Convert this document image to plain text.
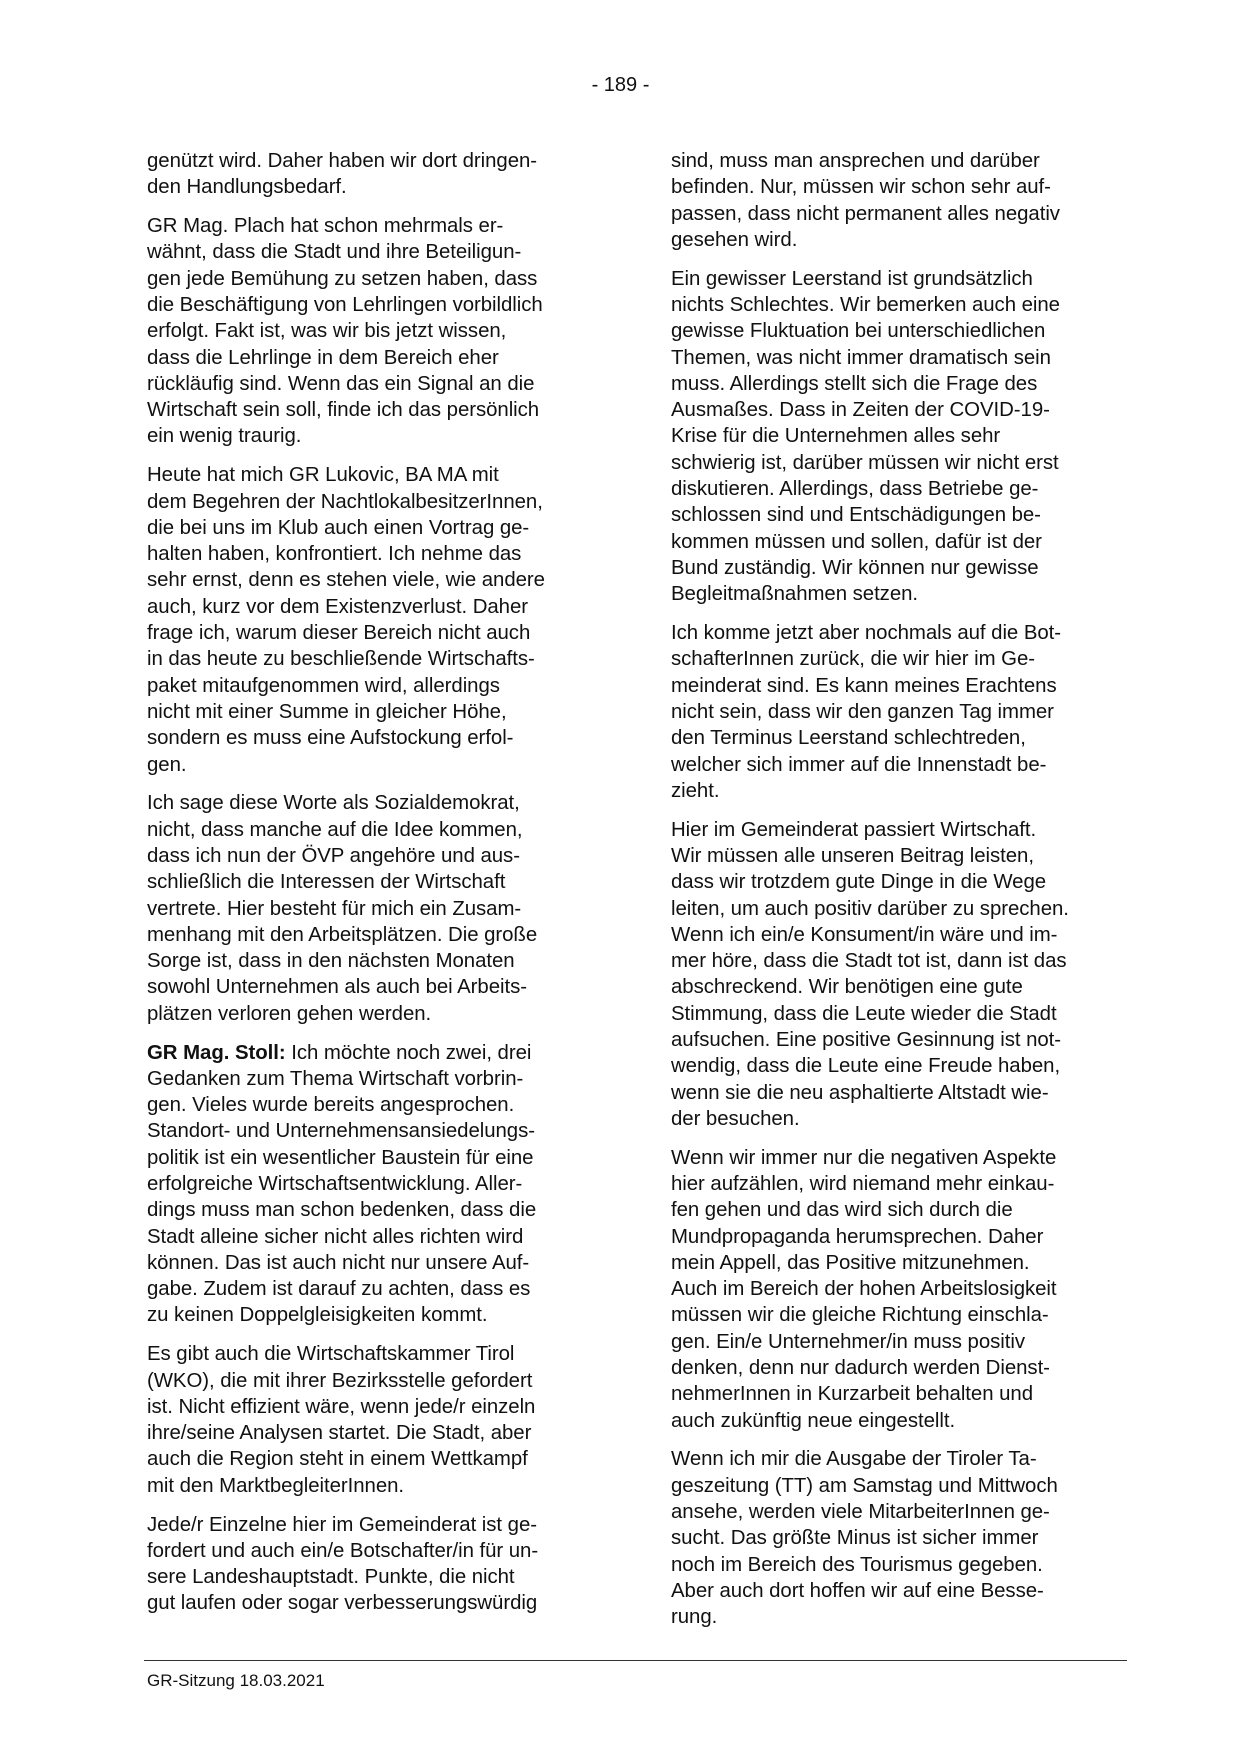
- 189 -

genützt wird. Daher haben wir dort dringen-
den Handlungsbedarf.

GR Mag. Plach hat schon mehrmals er-
wähnt, dass die Stadt und ihre Beteiligun-
gen jede Bemühung zu setzen haben, dass
die Beschäftigung von Lehrlingen vorbildlich
erfolgt. Fakt ist, was wir bis jetzt wissen,
dass die Lehrlinge in dem Bereich eher
rückläufig sind. Wenn das ein Signal an die
Wirtschaft sein soll, finde ich das persönlich
ein wenig traurig.

Heute hat mich GR Lukovic, BA MA mit
dem Begehren der NachtlokalbesitzerInnen,
die bei uns im Klub auch einen Vortrag ge-
halten haben, konfrontiert. Ich nehme das
sehr ernst, denn es stehen viele, wie andere
auch, kurz vor dem Existenzverlust. Daher
frage ich, warum dieser Bereich nicht auch
in das heute zu beschließende Wirtschafts-
paket mitaufgenommen wird, allerdings
nicht mit einer Summe in gleicher Höhe,
sondern es muss eine Aufstockung erfol-
gen.

Ich sage diese Worte als Sozialdemokrat,
nicht, dass manche auf die Idee kommen,
dass ich nun der ÖVP angehöre und aus-
schließlich die Interessen der Wirtschaft
vertrete. Hier besteht für mich ein Zusam-
menhang mit den Arbeitsplätzen. Die große
Sorge ist, dass in den nächsten Monaten
sowohl Unternehmen als auch bei Arbeits-
plätzen verloren gehen werden.

GR Mag. Stoll: Ich möchte noch zwei, drei
Gedanken zum Thema Wirtschaft vorbrin-
gen. Vieles wurde bereits angesprochen.
Standort- und Unternehmensansiedelungs-
politik ist ein wesentlicher Baustein für eine
erfolgreiche Wirtschaftsentwicklung. Aller-
dings muss man schon bedenken, dass die
Stadt alleine sicher nicht alles richten wird
können. Das ist auch nicht nur unsere Auf-
gabe. Zudem ist darauf zu achten, dass es
zu keinen Doppelgleisigkeiten kommt.

Es gibt auch die Wirtschaftskammer Tirol
(WKO), die mit ihrer Bezirksstelle gefordert
ist. Nicht effizient wäre, wenn jede/r einzeln
ihre/seine Analysen startet. Die Stadt, aber
auch die Region steht in einem Wettkampf
mit den MarktbegleiterInnen.

Jede/r Einzelne hier im Gemeinderat ist ge-
fordert und auch ein/e Botschafter/in für un-
sere Landeshauptstadt. Punkte, die nicht
gut laufen oder sogar verbesserungswürdig

sind, muss man ansprechen und darüber
befinden. Nur, müssen wir schon sehr auf-
passen, dass nicht permanent alles negativ
gesehen wird.

Ein gewisser Leerstand ist grundsätzlich
nichts Schlechtes. Wir bemerken auch eine
gewisse Fluktuation bei unterschiedlichen
Themen, was nicht immer dramatisch sein
muss. Allerdings stellt sich die Frage des
Ausmaßes. Dass in Zeiten der COVID-19-
Krise für die Unternehmen alles sehr
schwierig ist, darüber müssen wir nicht erst
diskutieren. Allerdings, dass Betriebe ge-
schlossen sind und Entschädigungen be-
kommen müssen und sollen, dafür ist der
Bund zuständig. Wir können nur gewisse
Begleitmaßnahmen setzen.

Ich komme jetzt aber nochmals auf die Bot-
schafterInnen zurück, die wir hier im Ge-
meinderat sind. Es kann meines Erachtens
nicht sein, dass wir den ganzen Tag immer
den Terminus Leerstand schlechtreden,
welcher sich immer auf die Innenstadt be-
zieht.

Hier im Gemeinderat passiert Wirtschaft.
Wir müssen alle unseren Beitrag leisten,
dass wir trotzdem gute Dinge in die Wege
leiten, um auch positiv darüber zu sprechen.
Wenn ich ein/e Konsument/in wäre und im-
mer höre, dass die Stadt tot ist, dann ist das
abschreckend. Wir benötigen eine gute
Stimmung, dass die Leute wieder die Stadt
aufsuchen. Eine positive Gesinnung ist not-
wendig, dass die Leute eine Freude haben,
wenn sie die neu asphaltierte Altstadt wie-
der besuchen.

Wenn wir immer nur die negativen Aspekte
hier aufzählen, wird niemand mehr einkau-
fen gehen und das wird sich durch die
Mundpropaganda herumsprechen. Daher
mein Appell, das Positive mitzunehmen.
Auch im Bereich der hohen Arbeitslosigkeit
müssen wir die gleiche Richtung einschla-
gen. Ein/e Unternehmer/in muss positiv
denken, denn nur dadurch werden Dienst-
nehmerInnen in Kurzarbeit behalten und
auch zukünftig neue eingestellt.

Wenn ich mir die Ausgabe der Tiroler Ta-
geszeitung (TT) am Samstag und Mittwoch
ansehe, werden viele MitarbeiterInnen ge-
sucht. Das größte Minus ist sicher immer
noch im Bereich des Tourismus gegeben.
Aber auch dort hoffen wir auf eine Besse-
rung.

GR-Sitzung 18.03.2021
